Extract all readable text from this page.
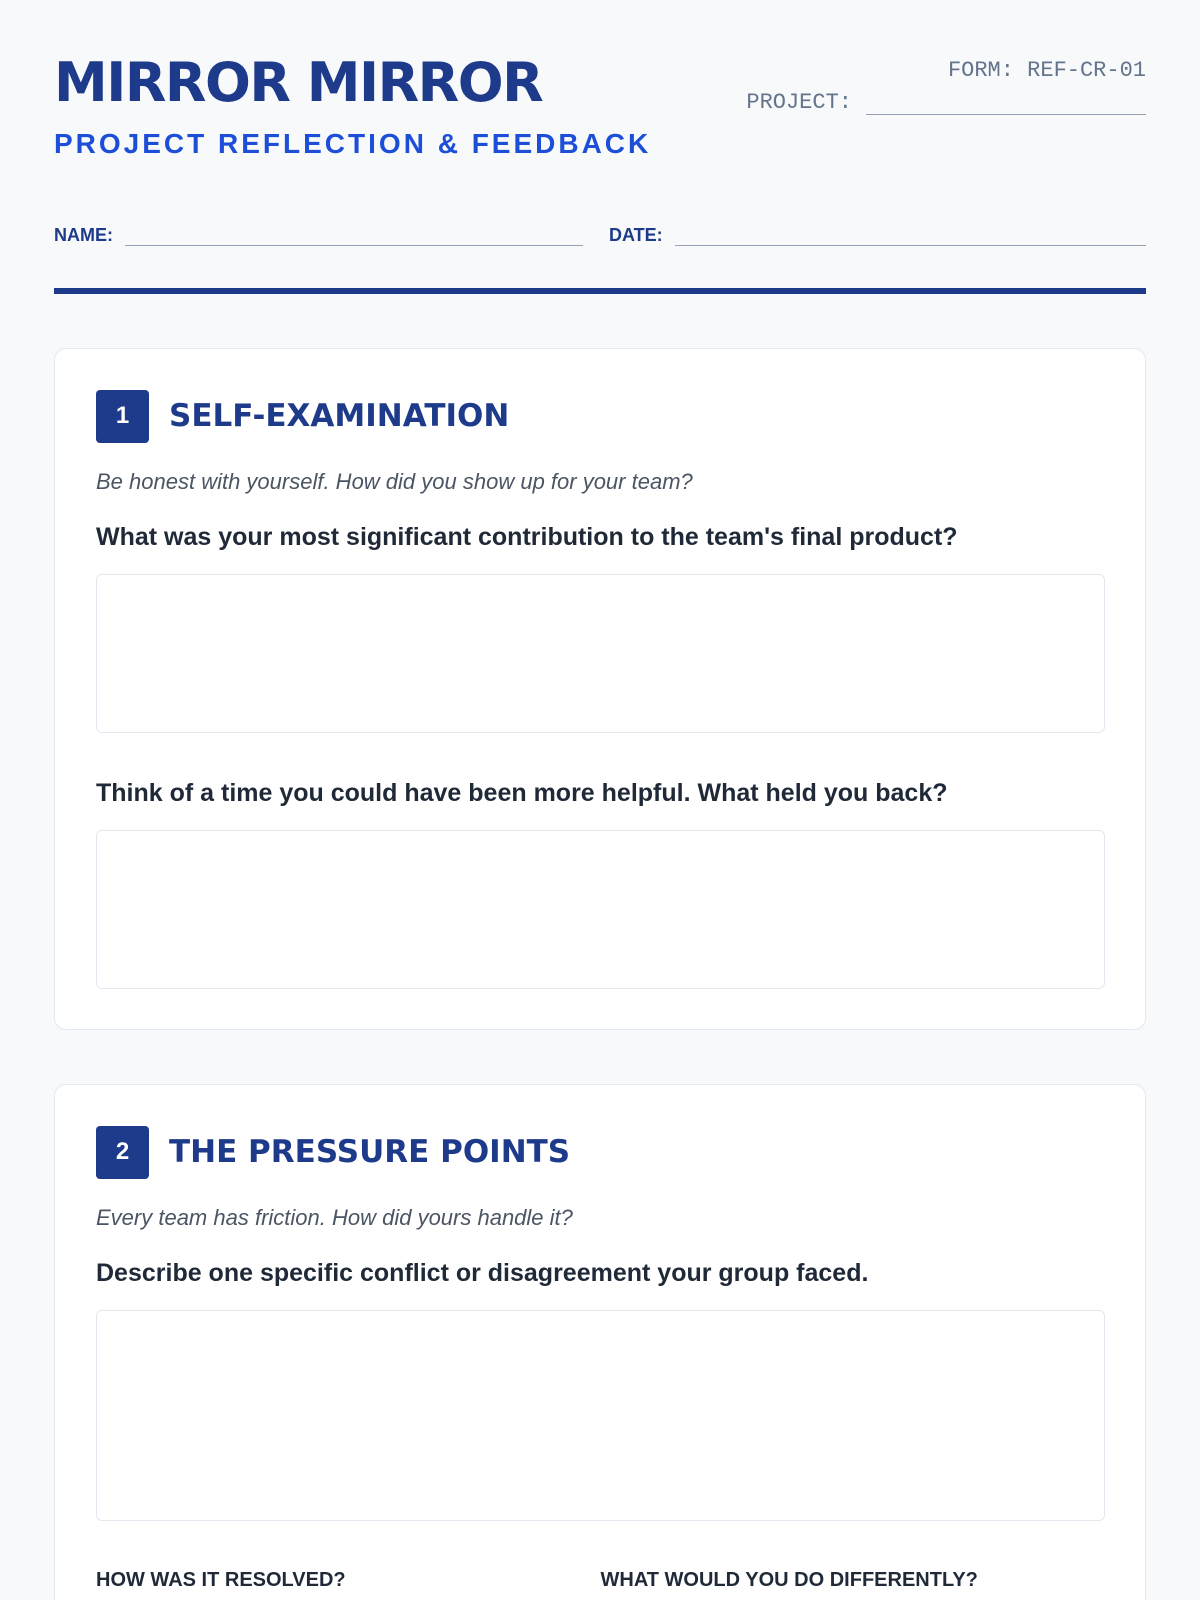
MIRROR MIRROR
PROJECT REFLECTION & FEEDBACK
FORM: REF-CR-01
PROJECT:
NAME:	DATE:
1	SELF-EXAMINATION
Be honest with yourself. How did you show up for your team?
What was your most significant contribution to the team's final product?
Think of a time you could have been more helpful. What held you back?
2	THE PRESSURE POINTS
Every team has friction. How did yours handle it?
Describe one specific conflict or disagreement your group faced.
HOW WAS IT RESOLVED?	WHAT WOULD YOU DO DIFFERENTLY?
